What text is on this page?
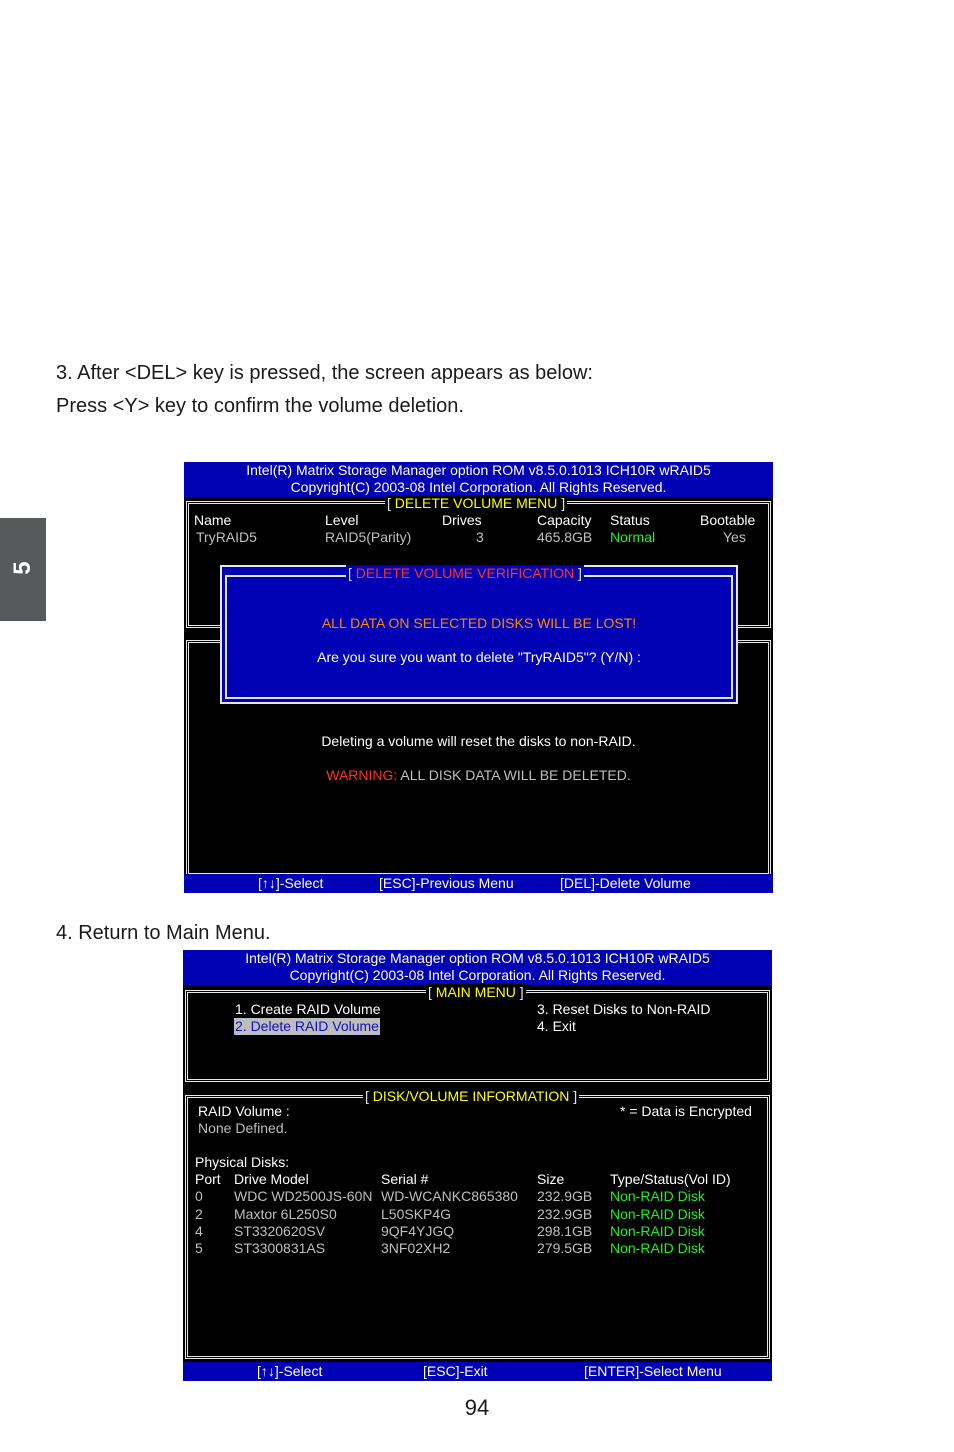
5
3. After <DEL> key is pressed, the screen appears as below:
Press <Y> key to confirm the volume deletion.
Intel(R) Matrix Storage Manager option ROM v8.5.0.1013 ICH10R wRAID5
Copyright(C) 2003-08 Intel Corporation. All Rights Reserved.
[ DELETE VOLUME MENU ]
Name	Level	Drives	Capacity Status	Bootable
TryRAID5	RAID5(Parity)	3	465.8GB Normal	Yes
[ DELETE VOLUME VERIFICATION ]
ALL DATA ON SELECTED DISKS WILL BE LOST!
Are you sure you want to delete "TryRAID5"? (Y/N) :
Deleting a volume will reset the disks to non-RAID.
WARNING: ALL DISK DATA WILL BE DELETED.
[↑↓]-Select	[ESC]-Previous Menu	[DEL]-Delete Volume
4. Return to Main Menu.
Intel(R) Matrix Storage Manager option ROM v8.5.0.1013 ICH10R wRAID5
Copyright(C) 2003-08 Intel Corporation. All Rights Reserved.
[ MAIN MENU ]
1. Create RAID Volume
2. Delete RAID Volume
3. Reset Disks to Non-RAID
4. Exit
[ DISK/VOLUME INFORMATION ]
RAID Volume :	* = Data is Encrypted
None Defined.
Physical Disks:
Port Drive Model	Serial #	Size	Type/Status(Vol ID)
0 WDC WD2500JS-60N WD-WCANKC865380 232.9GB Non-RAID Disk
2 Maxtor 6L250S0	L50SKP4G	232.9GB Non-RAID Disk
4 ST3320620SV	9QF4YJGQ	298.1GB Non-RAID Disk
5 ST3300831AS	3NF02XH2	279.5GB Non-RAID Disk
[↑↓]-Select	[ESC]-Exit	[ENTER]-Select Menu
94
